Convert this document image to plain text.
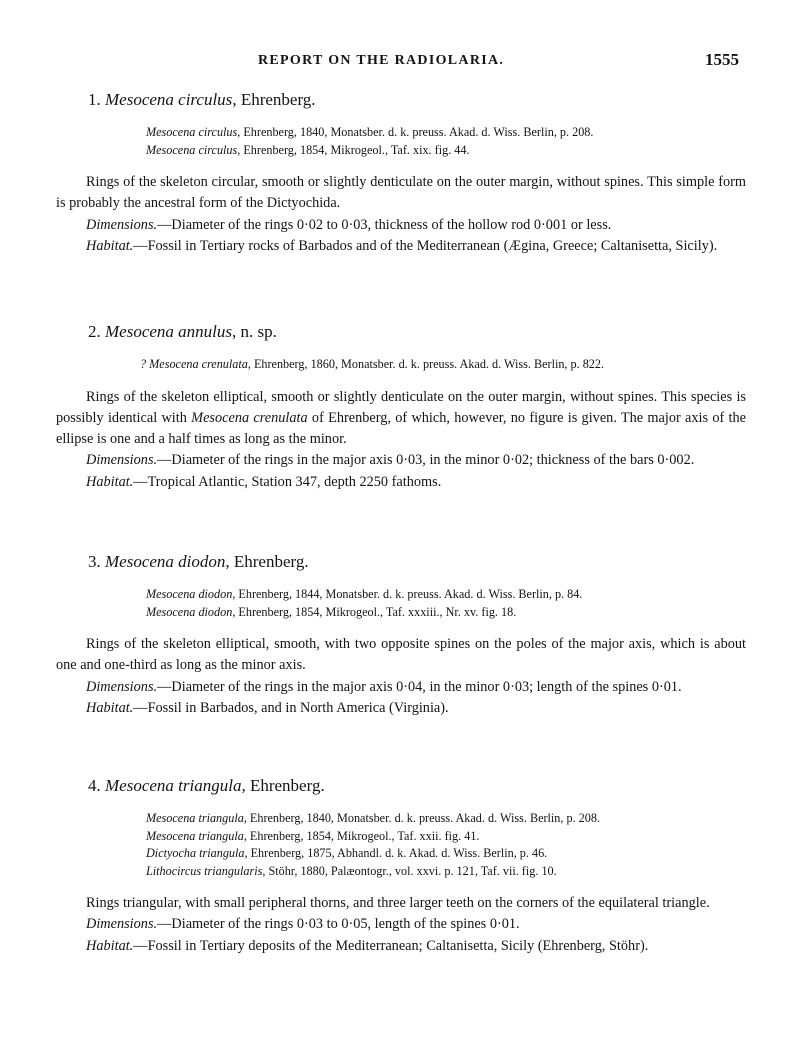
REPORT ON THE RADIOLARIA.	1555
1. Mesocena circulus, Ehrenberg.
Mesocena circulus, Ehrenberg, 1840, Monatsber. d. k. preuss. Akad. d. Wiss. Berlin, p. 208.
Mesocena circulus, Ehrenberg, 1854, Mikrogeol., Taf. xix. fig. 44.

Rings of the skeleton circular, smooth or slightly denticulate on the outer margin, without spines. This simple form is probably the ancestral form of the Dictyochida.

Dimensions.—Diameter of the rings 0·02 to 0·03, thickness of the hollow rod 0·001 or less.

Habitat.—Fossil in Tertiary rocks of Barbados and of the Mediterranean (Ægina, Greece; Caltanisetta, Sicily).

2. Mesocena annulus, n. sp.
? Mesocena crenulata, Ehrenberg, 1860, Monatsber. d. k. preuss. Akad. d. Wiss. Berlin, p. 822.

Rings of the skeleton elliptical, smooth or slightly denticulate on the outer margin, without spines. This species is possibly identical with Mesocena crenulata of Ehrenberg, of which, however, no figure is given. The major axis of the ellipse is one and a half times as long as the minor.

Dimensions.—Diameter of the rings in the major axis 0·03, in the minor 0·02; thickness of the bars 0·002.

Habitat.—Tropical Atlantic, Station 347, depth 2250 fathoms.

3. Mesocena diodon, Ehrenberg.
Mesocena diodon, Ehrenberg, 1844, Monatsber. d. k. preuss. Akad. d. Wiss. Berlin, p. 84.
Mesocena diodon, Ehrenberg, 1854, Mikrogeol., Taf. xxxiii., Nr. xv. fig. 18.

Rings of the skeleton elliptical, smooth, with two opposite spines on the poles of the major axis, which is about one and one-third as long as the minor axis.

Dimensions.—Diameter of the rings in the major axis 0·04, in the minor 0·03; length of the spines 0·01.

Habitat.—Fossil in Barbados, and in North America (Virginia).

4. Mesocena triangula, Ehrenberg.
Mesocena triangula, Ehrenberg, 1840, Monatsber. d. k. preuss. Akad. d. Wiss. Berlin, p. 208.
Mesocena triangula, Ehrenberg, 1854, Mikrogeol., Taf. xxii. fig. 41.
Dictyocha triangula, Ehrenberg, 1875, Abhandl. d. k. Akad. d. Wiss. Berlin, p. 46.
Lithocircus triangularis, Stöhr, 1880, Palæontogr., vol. xxvi. p. 121, Taf. vii. fig. 10.

Rings triangular, with small peripheral thorns, and three larger teeth on the corners of the equilateral triangle.

Dimensions.—Diameter of the rings 0·03 to 0·05, length of the spines 0·01.

Habitat.—Fossil in Tertiary deposits of the Mediterranean; Caltanisetta, Sicily (Ehrenberg, Stöhr).
